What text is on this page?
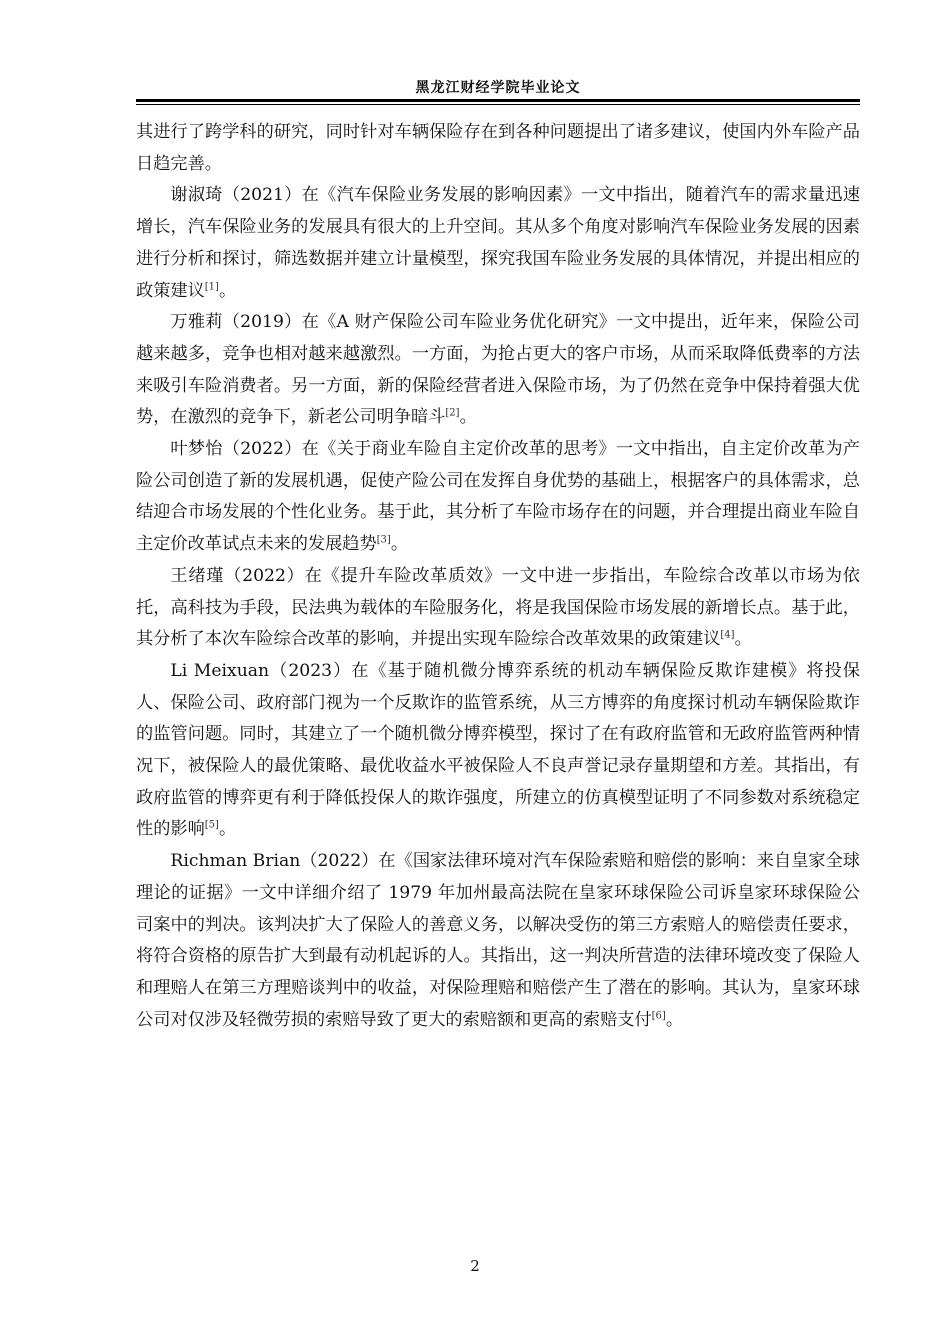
黑龙江财经学院毕业论文

其进行了跨学科的研究，同时针对车辆保险存在到各种问题提出了诸多建议，使国内外车险产品日趋完善。

谢淑琦（2021）在《汽车保险业务发展的影响因素》一文中指出，随着汽车的需求量迅速增长，汽车保险业务的发展具有很大的上升空间。其从多个角度对影响汽车保险业务发展的因素进行分析和探讨，筛选数据并建立计量模型，探究我国车险业务发展的具体情况，并提出相应的政策建议[1]。

万雅莉（2019）在《A 财产保险公司车险业务优化研究》一文中提出，近年来，保险公司越来越多，竞争也相对越来越激烈。一方面，为抢占更大的客户市场，从而采取降低费率的方法来吸引车险消费者。另一方面，新的保险经营者进入保险市场，为了仍然在竞争中保持着强大优势，在激烈的竞争下，新老公司明争暗斗[2]。

叶梦怡（2022）在《关于商业车险自主定价改革的思考》一文中指出，自主定价改革为产险公司创造了新的发展机遇，促使产险公司在发挥自身优势的基础上，根据客户的具体需求，总结迎合市场发展的个性化业务。基于此，其分析了车险市场存在的问题，并合理提出商业车险自主定价改革试点未来的发展趋势[3]。

王绪瑾（2022）在《提升车险改革质效》一文中进一步指出，车险综合改革以市场为依托，高科技为手段，民法典为载体的车险服务化，将是我国保险市场发展的新增长点。基于此，其分析了本次车险综合改革的影响，并提出实现车险综合改革效果的政策建议[4]。

Li Meixuan（2023）在《基于随机微分博弈系统的机动车辆保险反欺诈建模》将投保人、保险公司、政府部门视为一个反欺诈的监管系统，从三方博弈的角度探讨机动车辆保险欺诈的监管问题。同时，其建立了一个随机微分博弈模型，探讨了在有政府监管和无政府监管两种情况下，被保险人的最优策略、最优收益水平被保险人不良声誉记录存量期望和方差。其指出，有政府监管的博弈更有利于降低投保人的欺诈强度，所建立的仿真模型证明了不同参数对系统稳定性的影响[5]。

Richman Brian（2022）在《国家法律环境对汽车保险索赔和赔偿的影响：来自皇家全球理论的证据》一文中详细介绍了 1979 年加州最高法院在皇家环球保险公司诉皇家环球保险公司案中的判决。该判决扩大了保险人的善意义务，以解决受伤的第三方索赔人的赔偿责任要求，将符合资格的原告扩大到最有动机起诉的人。其指出，这一判决所营造的法律环境改变了保险人和理赔人在第三方理赔谈判中的收益，对保险理赔和赔偿产生了潜在的影响。其认为，皇家环球公司对仅涉及轻微劳损的索赔导致了更大的索赔额和更高的索赔支付[6]。

2
